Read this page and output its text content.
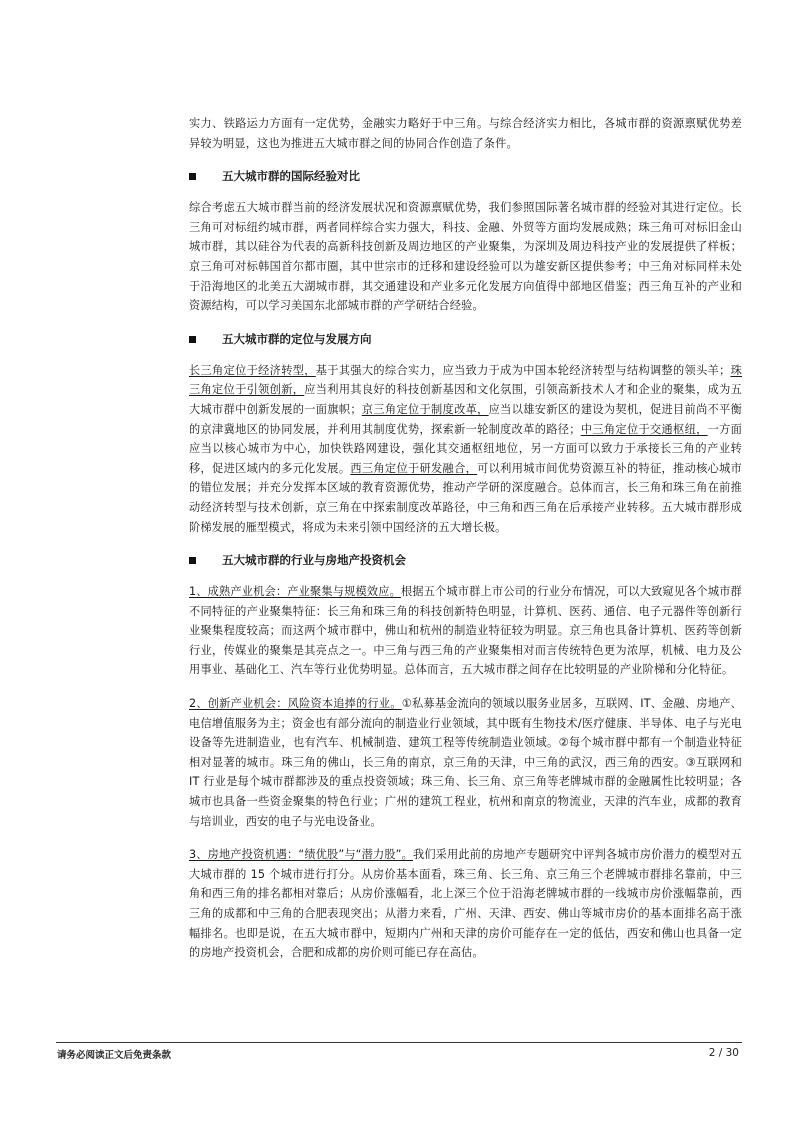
实力、铁路运力方面有一定优势，金融实力略好于中三角。与综合经济实力相比，各城市群的资源禀赋优势差异较为明显，这也为推进五大城市群之间的协同合作创造了条件。

五大城市群的国际经验对比

综合考虑五大城市群当前的经济发展状况和资源禀赋优势，我们参照国际著名城市群的经验对其进行定位。长三角可对标纽约城市群，两者同样综合实力强大，科技、金融、外贸等方面均发展成熟；珠三角可对标旧金山城市群，其以硅谷为代表的高新科技创新及周边地区的产业聚集，为深圳及周边科技产业的发展提供了样板；京三角可对标韩国首尔都市圈，其中世宗市的迁移和建设经验可以为雄安新区提供参考；中三角对标同样未处于沿海地区的北美五大湖城市群，其交通建设和产业多元化发展方向值得中部地区借鉴；西三角互补的产业和资源结构，可以学习美国东北部城市群的产学研结合经验。

五大城市群的定位与发展方向

长三角定位于经济转型，基于其强大的综合实力，应当致力于成为中国本轮经济转型与结构调整的领头羊；珠三角定位于引领创新，应当利用其良好的科技创新基因和文化氛围，引领高新技术人才和企业的聚集，成为五大城市群中创新发展的一面旗帜；京三角定位于制度改革，应当以雄安新区的建设为契机，促进目前尚不平衡的京津冀地区的协同发展，并利用其制度优势，探索新一轮制度改革的路径；中三角定位于交通枢纽，一方面应当以核心城市为中心，加快铁路网建设，强化其交通枢纽地位，另一方面可以致力于承接长三角的产业转移，促进区域内的多元化发展。西三角定位于研发融合，可以利用城市间优势资源互补的特征，推动核心城市的错位发展；并充分发挥本区域的教育资源优势，推动产学研的深度融合。总体而言，长三角和珠三角在前推动经济转型与技术创新，京三角在中探索制度改革路径，中三角和西三角在后承接产业转移。五大城市群形成阶梯发展的雁型模式，将成为未来引领中国经济的五大增长极。

五大城市群的行业与房地产投资机会

1、成熟产业机会：产业聚集与规模效应。根据五个城市群上市公司的行业分布情况，可以大致窥见各个城市群不同特征的产业聚集特征：长三角和珠三角的科技创新特色明显，计算机、医药、通信、电子元器件等创新行业聚集程度较高；而这两个城市群中，佛山和杭州的制造业特征较为明显。京三角也具备计算机、医药等创新行业，传媒业的聚集是其亮点之一。中三角与西三角的产业聚集相对而言传统特色更为浓厚，机械、电力及公用事业、基础化工、汽车等行业优势明显。总体而言，五大城市群之间存在比较明显的产业阶梯和分化特征。

2、创新产业机会：风险资本追捧的行业。①私募基金流向的领域以服务业居多，互联网、IT、金融、房地产、电信增值服务为主；资金也有部分流向的制造业行业领域，其中既有生物技术/医疗健康、半导体、电子与光电设备等先进制造业，也有汽车、机械制造、建筑工程等传统制造业领域。②每个城市群中都有一个制造业特征相对显著的城市。珠三角的佛山，长三角的南京，京三角的天津，中三角的武汉，西三角的西安。③互联网和 IT 行业是每个城市群都涉及的重点投资领域；珠三角、长三角、京三角等老牌城市群的金融属性比较明显；各城市也具备一些资金聚集的特色行业；广州的建筑工程业，杭州和南京的物流业，天津的汽车业，成都的教育与培训业，西安的电子与光电设备业。

3、房地产投资机遇：“绩优股”与“潜力股”。我们采用此前的房地产专题研究中评判各城市房价潜力的模型对五大城市群的 15 个城市进行打分。从房价基本面看，珠三角、长三角、京三角三个老牌城市群排名靠前，中三角和西三角的排名都相对靠后；从房价涨幅看，北上深三个位于沿海老牌城市群的一线城市房价涨幅靠前，西三角的成都和中三角的合肥表现突出；从潜力来看，广州、天津、西安、佛山等城市房价的基本面排名高于涨幅排名。也即是说，在五大城市群中，短期内广州和天津的房价可能存在一定的低估，西安和佛山也具备一定的房地产投资机会，合肥和成都的房价则可能已存在高估。

请务必阅读正文后免责条款	2 / 30
